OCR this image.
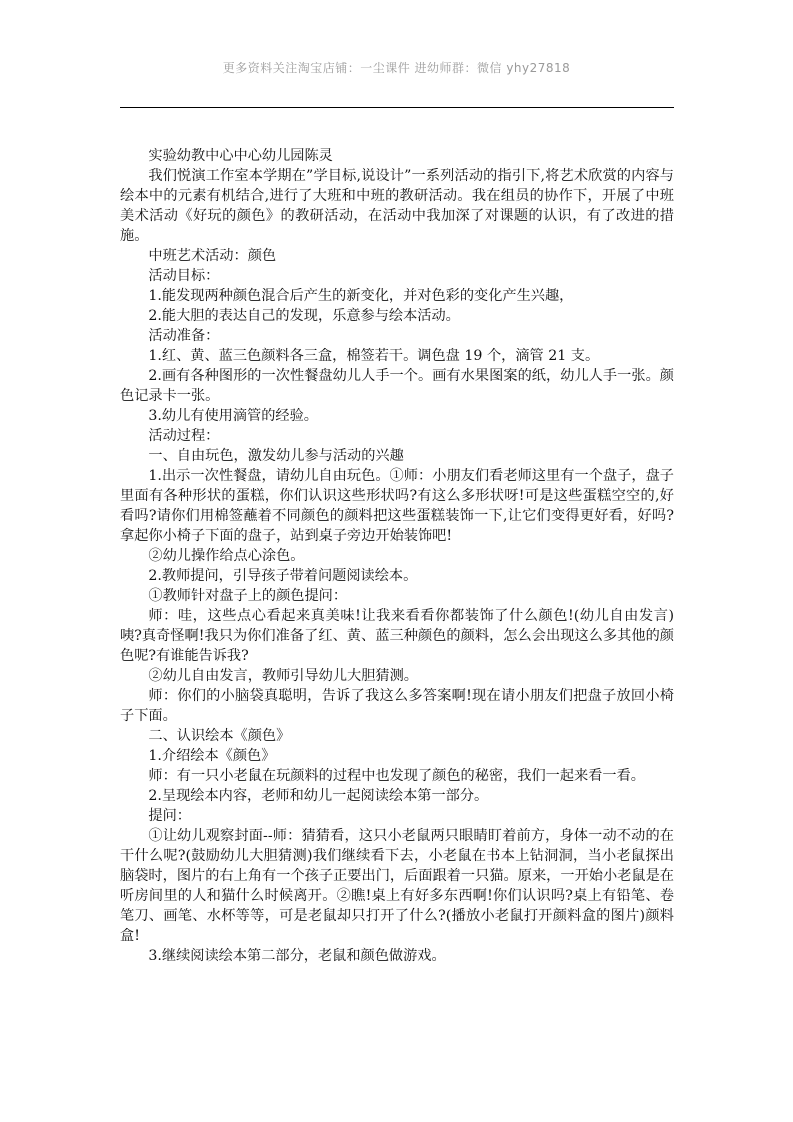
更多资料关注淘宝店铺：一尘课件 进幼师群：微信 yhy27818

实验幼教中心中心幼儿园陈灵

我们悦演工作室本学期在”学目标,说设计”一系列活动的指引下,将艺术欣赏的内容与绘本中的元素有机结合,进行了大班和中班的教研活动。我在组员的协作下，开展了中班美术活动《好玩的颜色》的教研活动，在活动中我加深了对课题的认识，有了改进的措施。

中班艺术活动：颜色

活动目标：

1.能发现两种颜色混合后产生的新变化，并对色彩的变化产生兴趣，

2.能大胆的表达自己的发现，乐意参与绘本活动。

活动准备：

1.红、黄、蓝三色颜料各三盒，棉签若干。调色盘 19 个，滴管 21 支。

2.画有各种图形的一次性餐盘幼儿人手一个。画有水果图案的纸，幼儿人手一张。颜色记录卡一张。

3.幼儿有使用滴管的经验。

活动过程：

一、自由玩色，激发幼儿参与活动的兴趣

1.出示一次性餐盘，请幼儿自由玩色。①师：小朋友们看老师这里有一个盘子，盘子里面有各种形状的蛋糕，你们认识这些形状吗?有这么多形状呀!可是这些蛋糕空空的,好看吗?请你们用棉签蘸着不同颜色的颜料把这些蛋糕装饰一下,让它们变得更好看，好吗?拿起你小椅子下面的盘子，站到桌子旁边开始装饰吧!

②幼儿操作给点心涂色。

2.教师提问，引导孩子带着问题阅读绘本。

①教师针对盘子上的颜色提问：

师：哇，这些点心看起来真美味!让我来看看你都装饰了什么颜色!(幼儿自由发言)咦?真奇怪啊!我只为你们准备了红、黄、蓝三种颜色的颜料，怎么会出现这么多其他的颜色呢?有谁能告诉我?

②幼儿自由发言，教师引导幼儿大胆猜测。

师：你们的小脑袋真聪明，告诉了我这么多答案啊!现在请小朋友们把盘子放回小椅子下面。

二、认识绘本《颜色》

1.介绍绘本《颜色》

师：有一只小老鼠在玩颜料的过程中也发现了颜色的秘密，我们一起来看一看。

2.呈现绘本内容，老师和幼儿一起阅读绘本第一部分。

提问：

①让幼儿观察封面--师：猜猜看，这只小老鼠两只眼睛盯着前方，身体一动不动的在干什么呢?(鼓励幼儿大胆猜测)我们继续看下去，小老鼠在书本上钻洞洞，当小老鼠探出脑袋时，图片的右上角有一个孩子正要出门，后面跟着一只猫。原来，一开始小老鼠是在听房间里的人和猫什么时候离开。②瞧!桌上有好多东西啊!你们认识吗?桌上有铅笔、卷笔刀、画笔、水杯等等，可是老鼠却只打开了什么?(播放小老鼠打开颜料盒的图片)颜料盒!

3.继续阅读绘本第二部分，老鼠和颜色做游戏。
